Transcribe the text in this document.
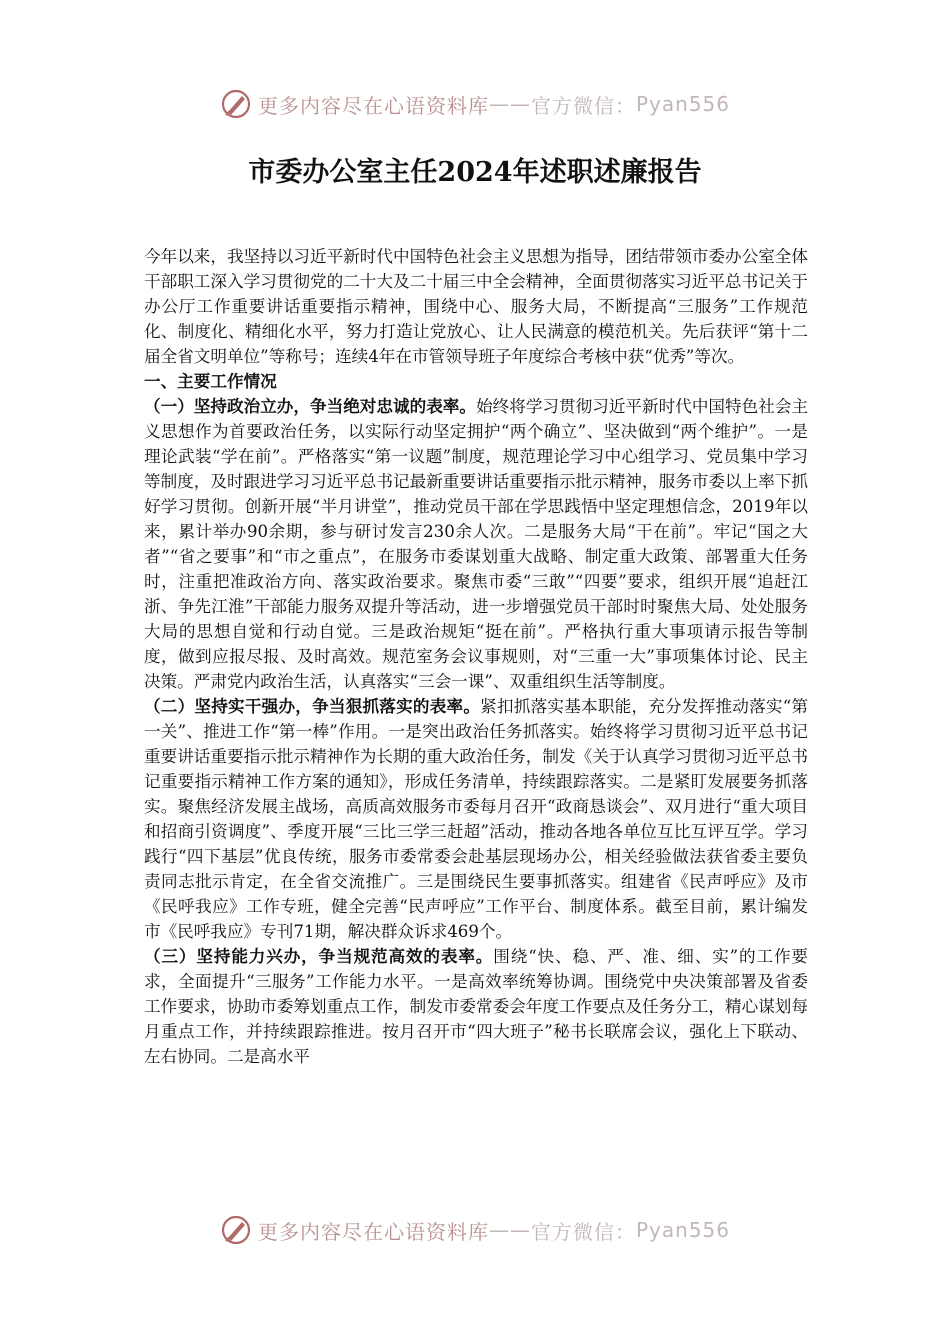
更多内容尽在心语资料库 —— 官方微信： Pyan556
市委办公室主任2024年述职述廉报告

今年以来，我坚持以习近平新时代中国特色社会主义思想为指导，团结带领市委办公室全体干部职工深入学习贯彻党的二十大及二十届三中全会精神，全面贯彻落实习近平总书记关于办公厅工作重要讲话重要指示精神，围绕中心、服务大局，不断提高“三服务”工作规范化、制度化、精细化水平，努力打造让党放心、让人民满意的模范机关。先后获评“第十二届全省文明单位”等称号；连续4年在市管领导班子年度综合考核中获“优秀”等次。

一、主要工作情况

（一）坚持政治立办，争当绝对忠诚的表率。始终将学习贯彻习近平新时代中国特色社会主义思想作为首要政治任务，以实际行动坚定拥护“两个确立”、坚决做到“两个维护”。一是理论武装“学在前”。严格落实“第一议题”制度，规范理论学习中心组学习、党员集中学习等制度，及时跟进学习习近平总书记最新重要讲话重要指示批示精神，服务市委以上率下抓好学习贯彻。创新开展“半月讲堂”，推动党员干部在学思践悟中坚定理想信念，2019年以来，累计举办90余期，参与研讨发言230余人次。二是服务大局“干在前”。牢记“国之大者”“省之要事”和“市之重点”，在服务市委谋划重大战略、制定重大政策、部署重大任务时，注重把准政治方向、落实政治要求。聚焦市委“三敢”“四要”要求，组织开展“追赶江浙、争先江淮”干部能力服务双提升等活动，进一步增强党员干部时时聚焦大局、处处服务大局的思想自觉和行动自觉。三是政治规矩“挺在前”。严格执行重大事项请示报告等制度，做到应报尽报、及时高效。规范室务会议事规则，对“三重一大”事项集体讨论、民主决策。严肃党内政治生活，认真落实“三会一课”、双重组织生活等制度。

（二）坚持实干强办，争当狠抓落实的表率。紧扣抓落实基本职能，充分发挥推动落实“第一关”、推进工作“第一棒”作用。一是突出政治任务抓落实。始终将学习贯彻习近平总书记重要讲话重要指示批示精神作为长期的重大政治任务，制发《关于认真学习贯彻习近平总书记重要指示精神工作方案的通知》，形成任务清单，持续跟踪落实。二是紧盯发展要务抓落实。聚焦经济发展主战场，高质高效服务市委每月召开“政商恳谈会”、双月进行“重大项目和招商引资调度”、季度开展“三比三学三赶超”活动，推动各地各单位互比互评互学。学习践行“四下基层”优良传统，服务市委常委会赴基层现场办公，相关经验做法获省委主要负责同志批示肯定，在全省交流推广。三是围绕民生要事抓落实。组建省《民声呼应》及市《民呼我应》工作专班，健全完善“民声呼应”工作平台、制度体系。截至目前，累计编发市《民呼我应》专刊71期，解决群众诉求469个。

（三）坚持能力兴办，争当规范高效的表率。围绕“快、稳、严、准、细、实”的工作要求，全面提升“三服务”工作能力水平。一是高效率统筹协调。围绕党中央决策部署及省委工作要求，协助市委筹划重点工作，制发市委常委会年度工作要点及任务分工，精心谋划每月重点工作，并持续跟踪推进。按月召开市“四大班子”秘书长联席会议，强化上下联动、左右协同。二是高水平

更多内容尽在心语资料库 —— 官方微信： Pyan556
